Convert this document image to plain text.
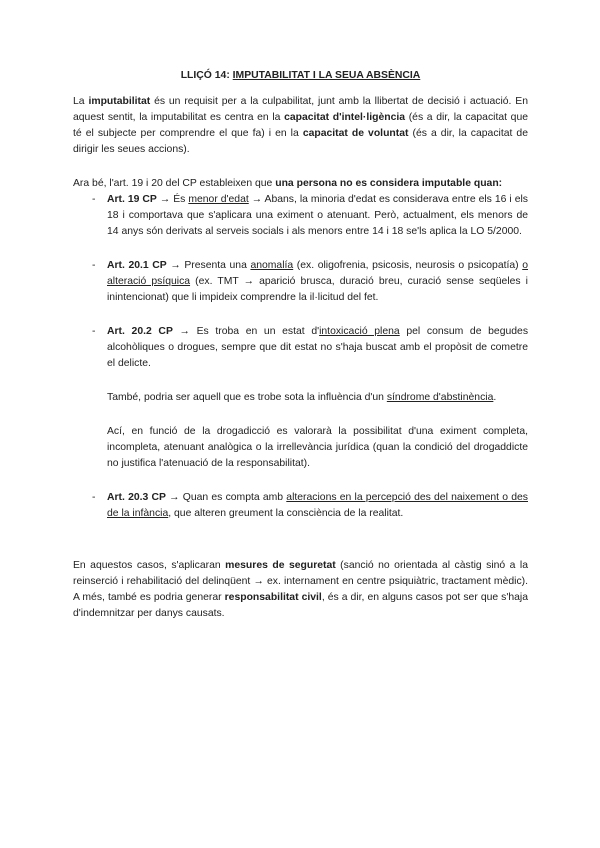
LLIÇÓ 14: IMPUTABILITAT I LA SEUA ABSÈNCIA

La imputabilitat és un requisit per a la culpabilitat, junt amb la llibertat de decisió i actuació. En aquest sentit, la imputabilitat es centra en la capacitat d'intel·ligència (és a dir, la capacitat que té el subjecte per comprendre el que fa) i en la capacitat de voluntat (és a dir, la capacitat de dirigir les seues accions).

Ara bé, l'art. 19 i 20 del CP estableixen que una persona no es considera imputable quan:

- Art. 19 CP → És menor d'edat → Abans, la minoria d'edat es considerava entre els 16 i els 18 i comportava que s'aplicara una eximent o atenuant. Però, actualment, els menors de 14 anys són derivats al serveis socials i als menors entre 14 i 18 se'ls aplica la LO 5/2000.

- Art. 20.1 CP → Presenta una anomalía (ex. oligofrenia, psicosis, neurosis o psicopatía) o alteració psíquica (ex. TMT → aparició brusca, duració breu, curació sense seqüeles i inintencionat) que li impideix comprendre la il·licitud del fet.

- Art. 20.2 CP → Es troba en un estat d'intoxicació plena pel consum de begudes alcohòliques o drogues, sempre que dit estat no s'haja buscat amb el propòsit de cometre el delicte.

També, podria ser aquell que es trobe sota la influència d'un síndrome d'abstinència.

Ací, en funció de la drogadicció es valorarà la possibilitat d'una eximent completa, incompleta, atenuant analògica o la irrellevància jurídica (quan la condició del drogaddicte no justifica l'atenuació de la responsabilitat).

- Art. 20.3 CP → Quan es compta amb alteracions en la percepció des del naixement o des de la infància, que alteren greument la consciència de la realitat.

En aquestos casos, s'aplicaran mesures de seguretat (sanció no orientada al càstig sinó a la reinserció i rehabilitació del delinqüent → ex. internament en centre psiquiàtric, tractament mèdic). A més, també es podria generar responsabilitat civil, és a dir, en alguns casos pot ser que s'haja d'indemnitzar per danys causats.
